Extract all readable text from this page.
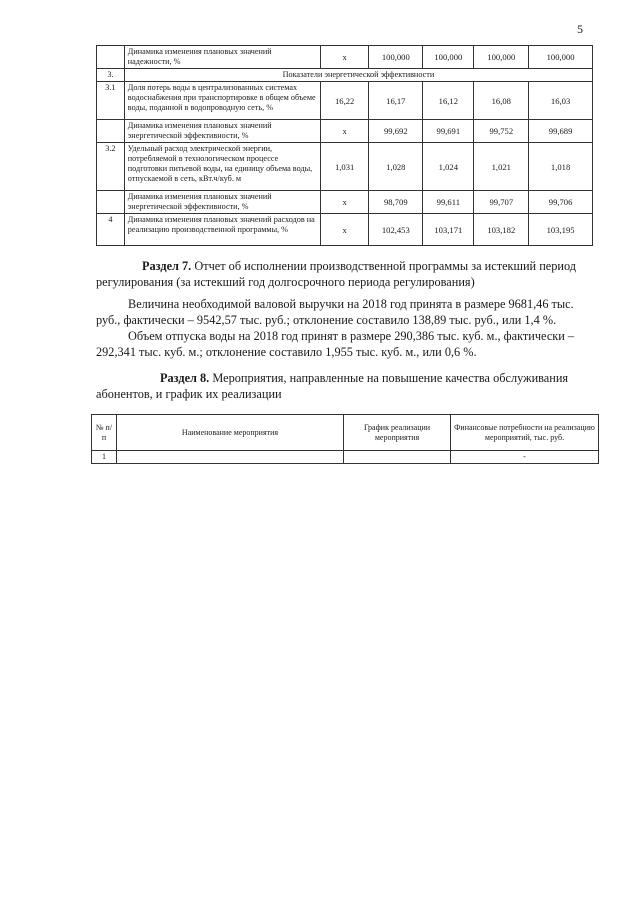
5
	Динамика изменения плановых значений надежности, %	x	100,000	100,000	100,000	100,000
3.	Показатели энергетической эффективности					
3.1	Доля потерь воды в централизованных системах водоснабжения при транспортировке в общем объеме воды, поданной в водопроводную сеть, %	16,22	16,17	16,12	16,08	16,03
	Динамика изменения плановых значений энергетической эффективности, %	x	99,692	99,691	99,752	99,689
3.2	Удельный расход электрической энергии, потребляемой в технологическом процессе подготовки питьевой воды, на единицу объема воды, отпускаемой в сеть, кВт.ч/куб. м	1,031	1,028	1,024	1,021	1,018
	Динамика изменения плановых значений энергетической эффективности, %	x	98,709	99,611	99,707	99,706
4	Динамика изменения плановых значений расходов на реализацию производственной программы, %	x	102,453	103,171	103,182	103,195

Раздел 7. Отчет об исполнении производственной программы за истекший период регулирования (за истекший год долгосрочного периода регулирования)

Величина необходимой валовой выручки на 2018 год принята в размере 9681,46 тыс. руб., фактически – 9542,57 тыс. руб.; отклонение составило 138,89 тыс. руб., или 1,4 %.

Объем отпуска воды на 2018 год принят в размере 290,386 тыс. куб. м., фактически – 292,341 тыс. куб. м.; отклонение составило 1,955 тыс. куб. м., или 0,6 %.

Раздел 8. Мероприятия, направленные на повышение качества обслуживания абонентов, и график их реализации

№ п/п	Наименование мероприятия	График реализации мероприятия	Финансовые потребности на реализацию мероприятий, тыс. руб.
1			-
